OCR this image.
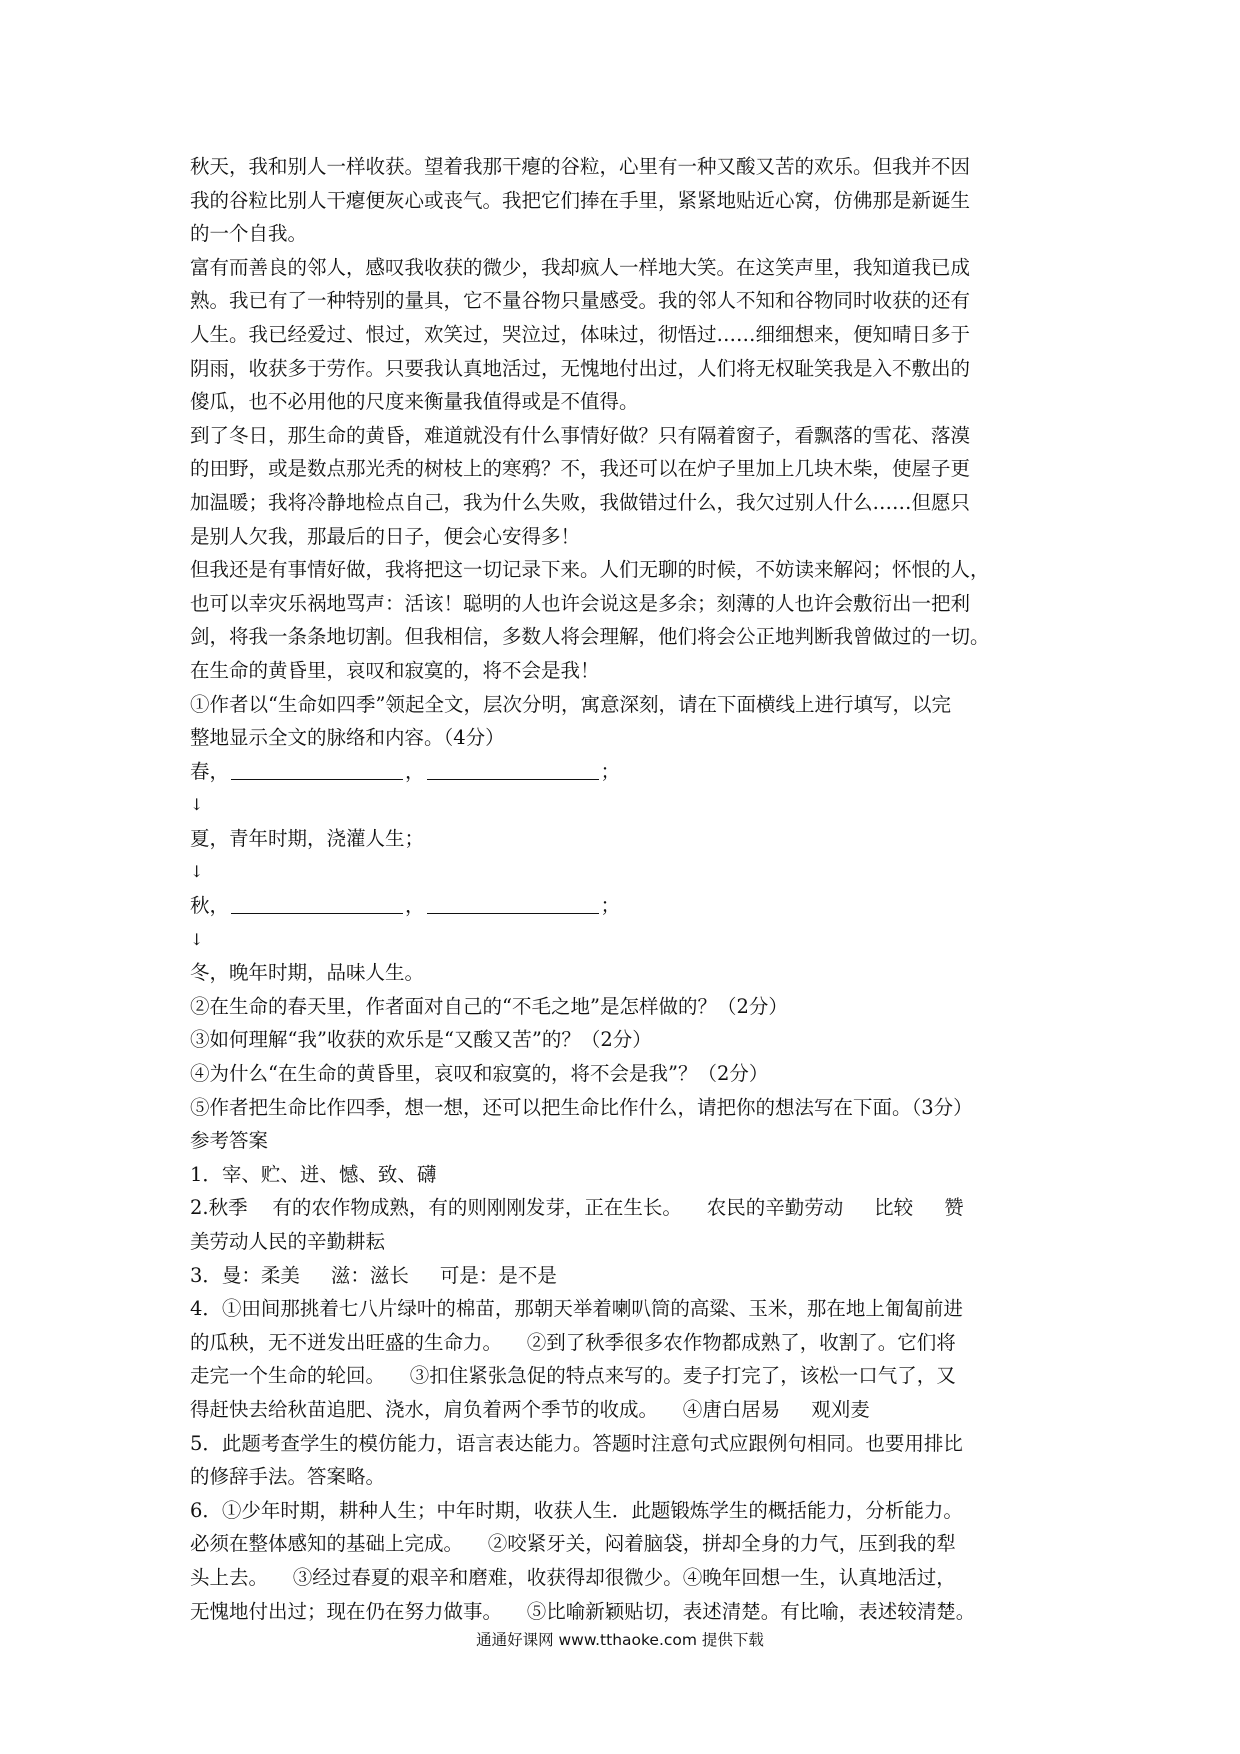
秋天，我和别人一样收获。望着我那干瘪的谷粒，心里有一种又酸又苦的欢乐。但我并不因
我的谷粒比别人干瘪便灰心或丧气。我把它们捧在手里，紧紧地贴近心窝，仿佛那是新诞生
的一个自我。
富有而善良的邻人，感叹我收获的微少，我却疯人一样地大笑。在这笑声里，我知道我已成
熟。我已有了一种特别的量具，它不量谷物只量感受。我的邻人不知和谷物同时收获的还有
人生。我已经爱过、恨过，欢笑过，哭泣过，体味过，彻悟过……细细想来，便知晴日多于
阴雨，收获多于劳作。只要我认真地活过，无愧地付出过，人们将无权耻笑我是入不敷出的
傻瓜，也不必用他的尺度来衡量我值得或是不值得。
到了冬日，那生命的黄昏，难道就没有什么事情好做？只有隔着窗子，看飘落的雪花、落漠
的田野，或是数点那光秃的树枝上的寒鸦？不，我还可以在炉子里加上几块木柴，使屋子更
加温暖；我将冷静地检点自己，我为什么失败，我做错过什么，我欠过别人什么……但愿只
是别人欠我，那最后的日子，便会心安得多！
但我还是有事情好做，我将把这一切记录下来。人们无聊的时候，不妨读来解闷；怀恨的人，
也可以幸灾乐祸地骂声：活该！聪明的人也许会说这是多余；刻薄的人也许会敷衍出一把利
剑，将我一条条地切割。但我相信，多数人将会理解，他们将会公正地判断我曾做过的一切。
在生命的黄昏里，哀叹和寂寞的，将不会是我！
①作者以“生命如四季”领起全文，层次分明，寓意深刻，请在下面横线上进行填写，以完
整地显示全文的脉络和内容。（4分）
春，	，	；
↓
夏，青年时期，浇灌人生；
↓
秋，	，	；
↓
冬，晚年时期，品味人生。
②在生命的春天里，作者面对自己的“不毛之地”是怎样做的？（2分）
③如何理解“我”收获的欢乐是“又酸又苦”的？（2分）
④为什么“在生命的黄昏里，哀叹和寂寞的，将不会是我”？（2分）
⑤作者把生命比作四季，想一想，还可以把生命比作什么，请把你的想法写在下面。（3分）
参考答案
1．宰、贮、迸、憾、致、礴
2.秋季    有的农作物成熟，有的则刚刚发芽，正在生长。    农民的辛勤劳动     比较     赞
美劳动人民的辛勤耕耘
3．曼：柔美     滋：滋长     可是：是不是
4．①田间那挑着七八片绿叶的棉苗，那朝天举着喇叭筒的高粱、玉米，那在地上匍匐前进
的瓜秧，无不迸发出旺盛的生命力。    ②到了秋季很多农作物都成熟了，收割了。它们将
走完一个生命的轮回。    ③扣住紧张急促的特点来写的。麦子打完了，该松一口气了，又
得赶快去给秋苗追肥、浇水，肩负着两个季节的收成。    ④唐白居易     观刈麦
5．此题考查学生的模仿能力，语言表达能力。答题时注意句式应跟例句相同。也要用排比
的修辞手法。答案略。
6．①少年时期，耕种人生；中年时期，收获人生．此题锻炼学生的概括能力，分析能力。
必须在整体感知的基础上完成。    ②咬紧牙关，闷着脑袋，拼却全身的力气，压到我的犁
头上去。    ③经过春夏的艰辛和磨难，收获得却很微少。④晚年回想一生，认真地活过，
无愧地付出过；现在仍在努力做事。    ⑤比喻新颖贴切，表述清楚。有比喻，表述较清楚。
通通好课网 www.tthaoke.com 提供下载
